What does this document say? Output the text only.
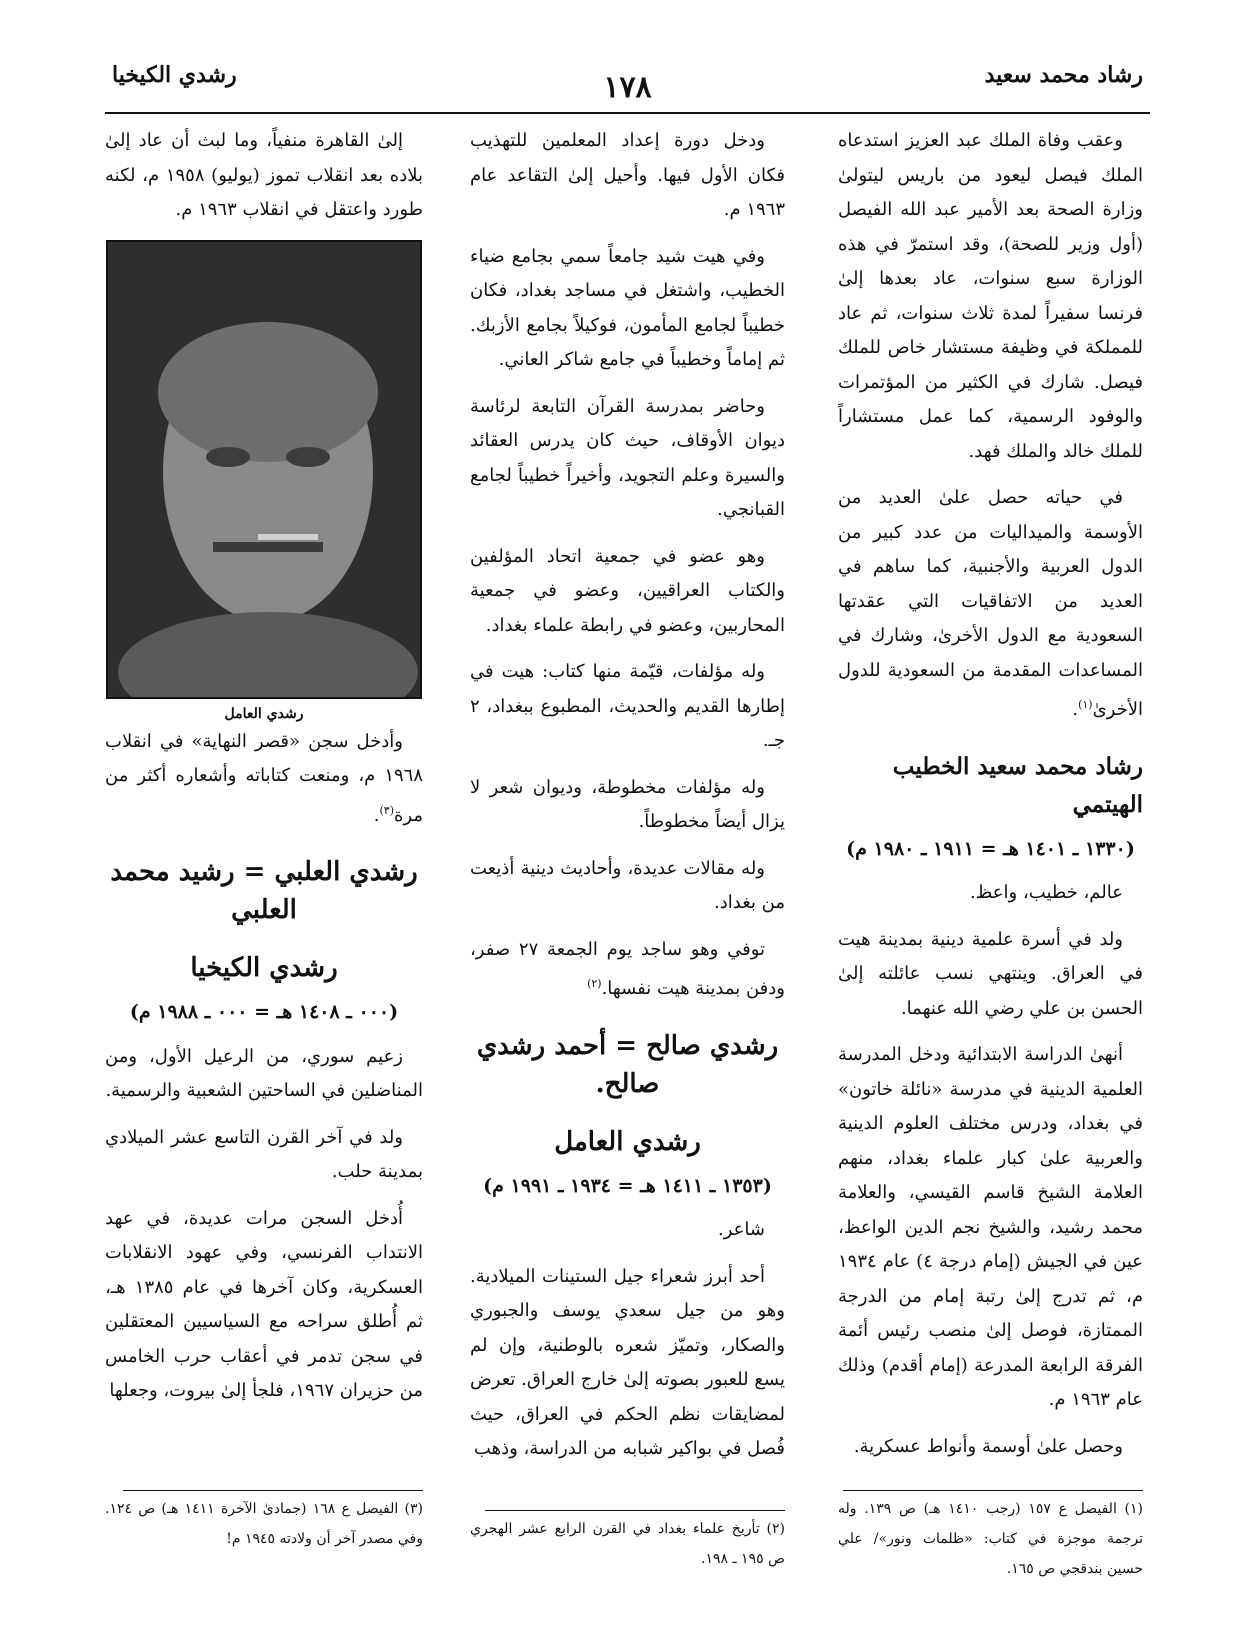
رشاد محمد سعيد
١٧٨
رشدي الكيخيا

وعقب وفاة الملك عبد العزيز استدعاه الملك فيصل ليعود من باريس ليتولىٰ وزارة الصحة بعد الأمير عبد الله الفيصل (أول وزير للصحة)، وقد استمرّ في هذه الوزارة سبع سنوات، عاد بعدها إلىٰ فرنسا سفيراً لمدة ثلاث سنوات، ثم عاد للمملكة في وظيفة مستشار خاص للملك فيصل. شارك في الكثير من المؤتمرات والوفود الرسمية، كما عمل مستشاراً للملك خالد والملك فهد.

في حياته حصل علىٰ العديد من الأوسمة والميداليات من عدد كبير من الدول العربية والأجنبية، كما ساهم في العديد من الاتفاقيات التي عقدتها السعودية مع الدول الأخرىٰ، وشارك في المساعدات المقدمة من السعودية للدول الأخرىٰ$^{(١)}$.

رشاد محمد سعيد الخطيب الهيتمي
(١٣٣٠ ـ ١٤٠١ هـ = ١٩١١ ـ ١٩٨٠ م)

عالم، خطيب، واعظ.

ولد في أسرة علمية دينية بمدينة هيت في العراق. وينتهي نسب عائلته إلىٰ الحسن بن علي رضي الله عنهما.

أنهىٰ الدراسة الابتدائية ودخل المدرسة العلمية الدينية في مدرسة «نائلة خاتون» في بغداد، ودرس مختلف العلوم الدينية والعربية علىٰ كبار علماء بغداد، منهم العلامة الشيخ قاسم القيسي، والعلامة محمد رشيد، والشيخ نجم الدين الواعظ، عين في الجيش (إمام درجة ٤) عام ١٩٣٤ م، ثم تدرج إلىٰ رتبة إمام من الدرجة الممتازة، فوصل إلىٰ منصب رئيس أئمة الفرقة الرابعة المدرعة (إمام أقدم) وذلك عام ١٩٦٣ م.

وحصل علىٰ أوسمة وأنواط عسكرية.

ودخل دورة إعداد المعلمين للتهذيب فكان الأول فيها. وأحيل إلىٰ التقاعد عام ١٩٦٣ م.

وفي هيت شيد جامعاً سمي بجامع ضياء الخطيب، واشتغل في مساجد بغداد، فكان خطيباً لجامع المأمون، فوكيلاً بجامع الأزبك. ثم إماماً وخطيباً في جامع شاكر العاني.

وحاضر بمدرسة القرآن التابعة لرئاسة ديوان الأوقاف، حيث كان يدرس العقائد والسيرة وعلم التجويد، وأخيراً خطيباً لجامع القبانجي.

وهو عضو في جمعية اتحاد المؤلفين والكتاب العراقيين، وعضو في جمعية المحاربين، وعضو في رابطة علماء بغداد.

وله مؤلفات، قيّمة منها كتاب: هيت في إطارها القديم والحديث، المطبوع ببغداد، ٢ جـ.

وله مؤلفات مخطوطة، وديوان شعر لا يزال أيضاً مخطوطاً.

وله مقالات عديدة، وأحاديث دينية أذيعت من بغداد.

توفي وهو ساجد يوم الجمعة ٢٧ صفر، ودفن بمدينة هيت نفسها.$^{(٢)}$

رشدي صالح = أحمد رشدي صالح.
رشدي العامل
(١٣٥٣ ـ ١٤١١ هـ = ١٩٣٤ ـ ١٩٩١ م)

شاعر.

أحد أبرز شعراء جيل الستينات الميلادية. وهو من جيل سعدي يوسف والجبوري والصكار، وتميّز شعره بالوطنية، وإن لم يسع للعبور بصوته إلىٰ خارج العراق. تعرض لمضايقات نظم الحكم في العراق، حيث فُصل في بواكير شبابه من الدراسة، وذهب

إلىٰ القاهرة منفياً، وما لبث أن عاد إلىٰ بلاده بعد انقلاب تموز (يوليو) ١٩٥٨ م، لكنه طورد واعتقل في انقلاب ١٩٦٣ م.

رشدي العامل

وأدخل سجن «قصر النهاية» في انقلاب ١٩٦٨ م، ومنعت كتاباته وأشعاره أكثر من مرة$^{(٣)}$.

رشدي العلبي = رشيد محمد العلبي
رشدي الكيخيا
(٠٠٠ ـ ١٤٠٨ هـ = ٠٠٠ ـ ١٩٨٨ م)

زعيم سوري، من الرعيل الأول، ومن المناضلين في الساحتين الشعبية والرسمية.

ولد في آخر القرن التاسع عشر الميلادي بمدينة حلب.

أُدخل السجن مرات عديدة، في عهد الانتداب الفرنسي، وفي عهود الانقلابات العسكرية، وكان آخرها في عام ١٣٨٥ هـ، ثم أُطلق سراحه مع السياسيين المعتقلين في سجن تدمر في أعقاب حرب الخامس من حزيران ١٩٦٧، فلجأ إلىٰ بيروت، وجعلها

(١) الفيصل ع ١٥٧ (رجب ١٤١٠ هـ) ص ١٣٩. وله ترجمة موجزة في كتاب: «ظلمات ونور»/ علي حسين بندقجي ص ١٦٥.
(٢) تأريخ علماء بغداد في القرن الرابع عشر الهجري ص ١٩٥ ـ ١٩٨.
(٣) الفيصل ع ١٦٨ (جمادىٰ الآخرة ١٤١١ هـ) ص ١٢٤. وفي مصدر آخر أن ولادته ١٩٤٥ م!
